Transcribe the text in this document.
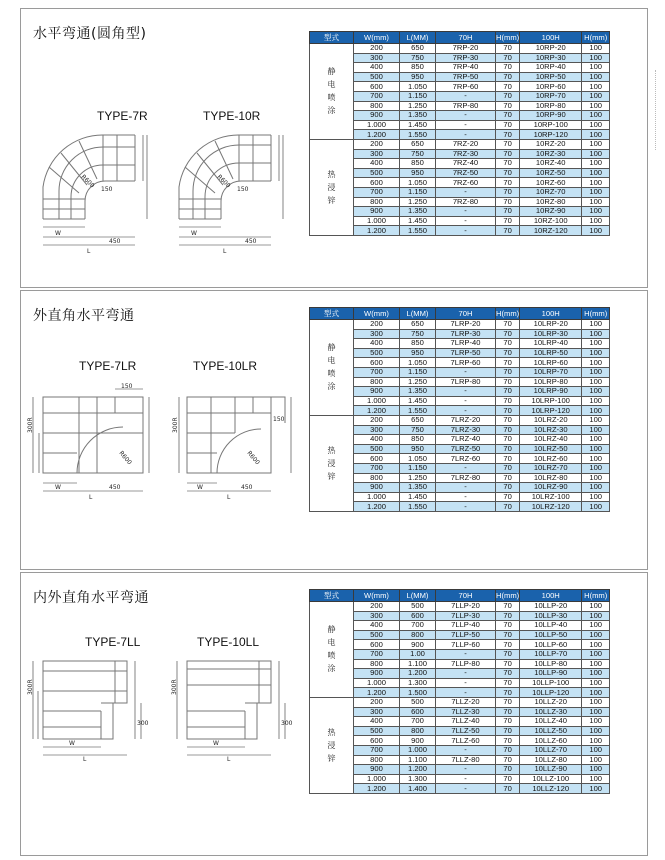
水平弯通(圆角型)
TYPE-7R	TYPE-10R
W
450
L
150
R600
W
450
L
150
R600
型式	W(mm)	L(MM)	70H	H(mm)	100H	H(mm)

静
电
喷
涂	200	650	7RP-20	70	10RP-20	100
	300	750	7RP-30	70	10RP-30	100
	400	850	7RP-40	70	10RP-40	100
	500	950	7RP-50	70	10RP-50	100
	600	1.050	7RP-60	70	10RP-60	100
	700	1.150	-	70	10RP-70	100
	800	1.250	7RP-80	70	10RP-80	100
	900	1.350	-	70	10RP-90	100
	1.000	1.450	-	70	10RP-100	100
	1.200	1.550	-	70	10RP-120	100

热
浸
锌	200	650	7RZ-20	70	10RZ-20	100
	300	750	7RZ-30	70	10RZ-30	100
	400	850	7RZ-40	70	10RZ-40	100
	500	950	7RZ-50	70	10RZ-50	100
	600	1.050	7RZ-60	70	10RZ-60	100
	700	1.150	-	70	10RZ-70	100
	800	1.250	7RZ-80	70	10RZ-80	100
	900	1.350	-	70	10RZ-90	100
	1.000	1.450	-	70	10RZ-100	100
	1.200	1.550	-	70	10RZ-120	100
外直角水平弯通
TYPE-7LR	TYPE-10LR
W	450
L
150
R600
300R
W	450
L
150
R600
300R
型式	W(mm)	L(MM)	70H	H(mm)	100H	H(mm)

静
电
喷
涂	200	650	7LRP-20	70	10LRP-20	100
	300	750	7LRP-30	70	10LRP-30	100
	400	850	7LRP-40	70	10LRP-40	100
	500	950	7LRP-50	70	10LRP-50	100
	600	1.050	7LRP-60	70	10LRP-60	100
	700	1.150	-	70	10LRP-70	100
	800	1.250	7LRP-80	70	10LRP-80	100
	900	1.350	-	70	10LRP-90	100
	1.000	1.450	-	70	10LRP-100	100
	1.200	1.550	-	70	10LRP-120	100

热
浸
锌	200	650	7LRZ-20	70	10LRZ-20	100
	300	750	7LRZ-30	70	10LRZ-30	100
	400	850	7LRZ-40	70	10LRZ-40	100
	500	950	7LRZ-50	70	10LRZ-50	100
	600	1.050	7LRZ-60	70	10LRZ-60	100
	700	1.150	-	70	10LRZ-70	100
	800	1.250	7LRZ-80	70	10LRZ-80	100
	900	1.350	-	70	10LRZ-90	100
	1.000	1.450	-	70	10LRZ-100	100
	1.200	1.550	-	70	10LRZ-120	100
内外直角水平弯通
TYPE-7LL	TYPE-10LL
W
L
300
300R
W
L
300
300R
型式	W(mm)	L(MM)	70H	H(mm)	100H	H(mm)

静
电
喷
涂	200	500	7LLP-20	70	10LLP-20	100
	300	600	7LLP-30	70	10LLP-30	100
	400	700	7LLP-40	70	10LLP-40	100
	500	800	7LLP-50	70	10LLP-50	100
	600	900	7LLP-60	70	10LLP-60	100
	700	1.00	-	70	10LLP-70	100
	800	1.100	7LLP-80	70	10LLP-80	100
	900	1.200	-	70	10LLP-90	100
	1.000	1.300	-	70	10LLP-100	100
	1.200	1.500	-	70	10LLP-120	100

热
浸
锌	200	500	7LLZ-20	70	10LLZ-20	100
	300	600	7LLZ-30	70	10LLZ-30	100
	400	700	7LLZ-40	70	10LLZ-40	100
	500	800	7LLZ-50	70	10LLZ-50	100
	600	900	7LLZ-60	70	10LLZ-60	100
	700	1.000	-	70	10LLZ-70	100
	800	1.100	7LLZ-80	70	10LLZ-80	100
	900	1.200	-	70	10LLZ-90	100
	1.000	1.300	-	70	10LLZ-100	100
	1.200	1.400	-	70	10LLZ-120	100
